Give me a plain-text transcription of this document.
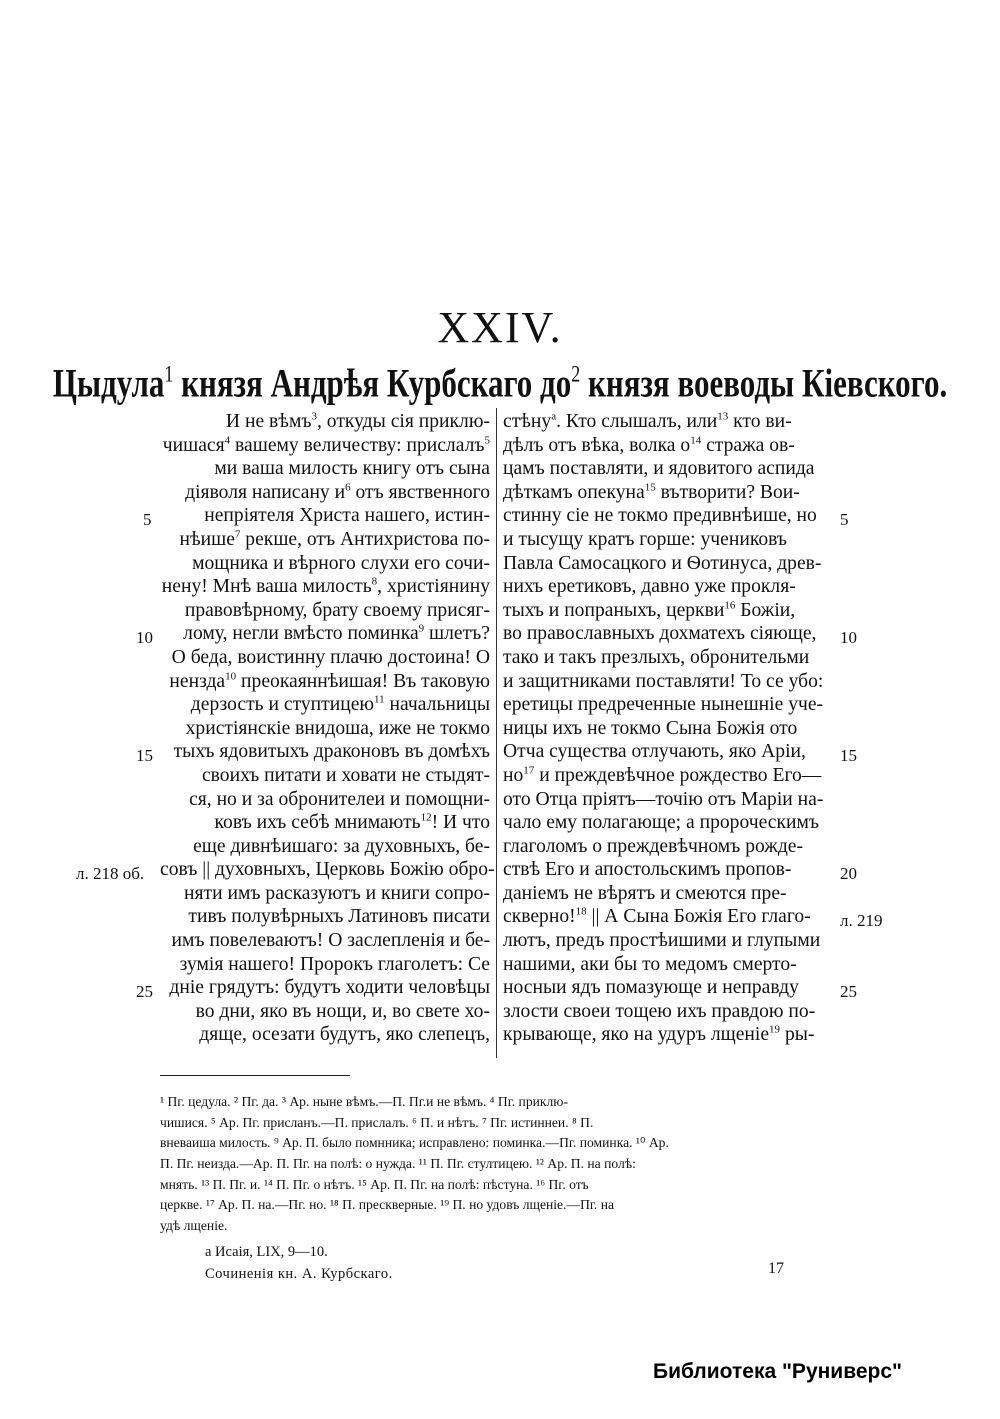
XXIV.
Цыдула$^1$ князя Андрѣя Курбскаго $до^2$ князя воеводы Кіевского.
И не вѣмъ$^3$, откуды сія приклю-
чишася$^4$ вашему величеству: прислалъ$^5$
ми ваша милость книгу отъ сына
діяволя написану $и^6$ отъ явственного
непріятеля Христа нашего, истин-
нѣише$^7$ рекше, отъ Антихристова по-
мощника и вѣрного слухи его сочи-
нену! Мнѣ ваша милость$^8$, христіянину
правовѣрному, брату своему присяг-
лому, негли вмѣсто поминка$^9$ шлетъ?
О беда, воистинну плачю достоина! О
нензда$^{10}$ преокаяннѣишая! Въ таковую
дерзость и ступтицею$^{11}$ начальницы
христіянскіе внидоша, иже не токмо
тыхъ ядовитыхъ драконовъ въ домѣхъ
своихъ питати и ховати не стыдят-
ся, но и за обронителеи и помощни-
ковъ ихъ себѣ мнимають$^{12}$! И что
еще дивнѣишаго: за духовныхъ, бе-
совъ || духовныхъ, Церковь Божію обро-
няти имъ расказуютъ и книги сопро-
тивъ полувѣрныхъ Латиновъ писати
имъ повелеваютъ! О заслепленія и бе-
зумія нашего! Пророкъ глаголетъ: Се
дніе грядутъ: будутъ ходити человѣцы
во дни, яко въ нощи, и, во свете хо-
дяще, осезати будутъ, яко слепецъ,
стѣну$^а$. Кто слышалъ, или$^{13}$ кто ви-
дѣлъ отъ вѣка, волка $о^{14}$ стража ов-
цамъ поставляти, и ядовитого аспида
дѣткамъ опекуна$^{15}$ вътворити? Вои-
стинну сіе не токмо предивнѣише, но
и тысущу кратъ горше: учениковъ
Павла Самосацкого и Ѳотинуса, древ-
нихъ еретиковъ, давно уже прокля-
тыхъ и попраныхъ, церкви$^{16}$ Божіи,
во православныхъ дохматехъ сіяюще,
тако и такъ презлыхъ, обронительми
и защитниками поставляти! То се убо:
еретицы предреченные нынешніе уче-
ницы ихъ не токмо Сына Божія ото
Отча существа отлучають, яко Аріи,
$но^{17}$ и преждевѣчное рождество Его—
ото Отца пріятъ—точію отъ Маріи на-
чало ему полагающе; а пророческимъ
глаголомъ о преждевѣчномъ рожде-
ствѣ Его и апостольскимъ пропов-
даніемъ не вѣрятъ и смеются пре-
скверно!$^{18}$ || А Сына Божія Его глаго-
лютъ, предъ простѣишими и глупыми
нашими, аки бы то медомъ смерто-
носныи ядъ помазующе и неправду
злости своеи тощею ихъ правдою по-
крывающе, яко на удуръ лщеніе$^{19}$ ры-
5
10
15
л. 218 об.
25
5
10
15
20
л. 219
25
¹ Пг. цедула. ² Пг. да. ³ Ар. ныне вѣмъ.—П. Пг.и не вѣмъ. ⁴ Пг. приклю-
чишися. ⁵ Ар. Пг. присланъ.—П. прислалъ. ⁶ П. и нѣтъ. ⁷ Пг. истиннеи. ⁸ П.
вневаиша милость. ⁹ Ар. П. было помнника; исправлено: поминка.—Пг. поминка. ¹⁰ Ар.
П. Пг. неизда.—Ар. П. Пг. на полѣ: о нужда. ¹¹ П. Пг. стултицею. ¹² Ар. П. на полѣ:
мнять. ¹³ П. Пг. и. ¹⁴ П. Пг. о нѣтъ. ¹⁵ Ар. П. Пг. на полѣ: пѣстуна. ¹⁶ Пг. отъ
церкве. ¹⁷ Ар. П. на.—Пг. но. ¹⁸ П. прескверные. ¹⁹ П. но удовъ лщеніе.—Пг. на
удѣ лщеніе.
а Исаія, LIX, 9—10.
Сочиненія кн. А. Курбскаго.	17
Библиотека "Руниверс"
